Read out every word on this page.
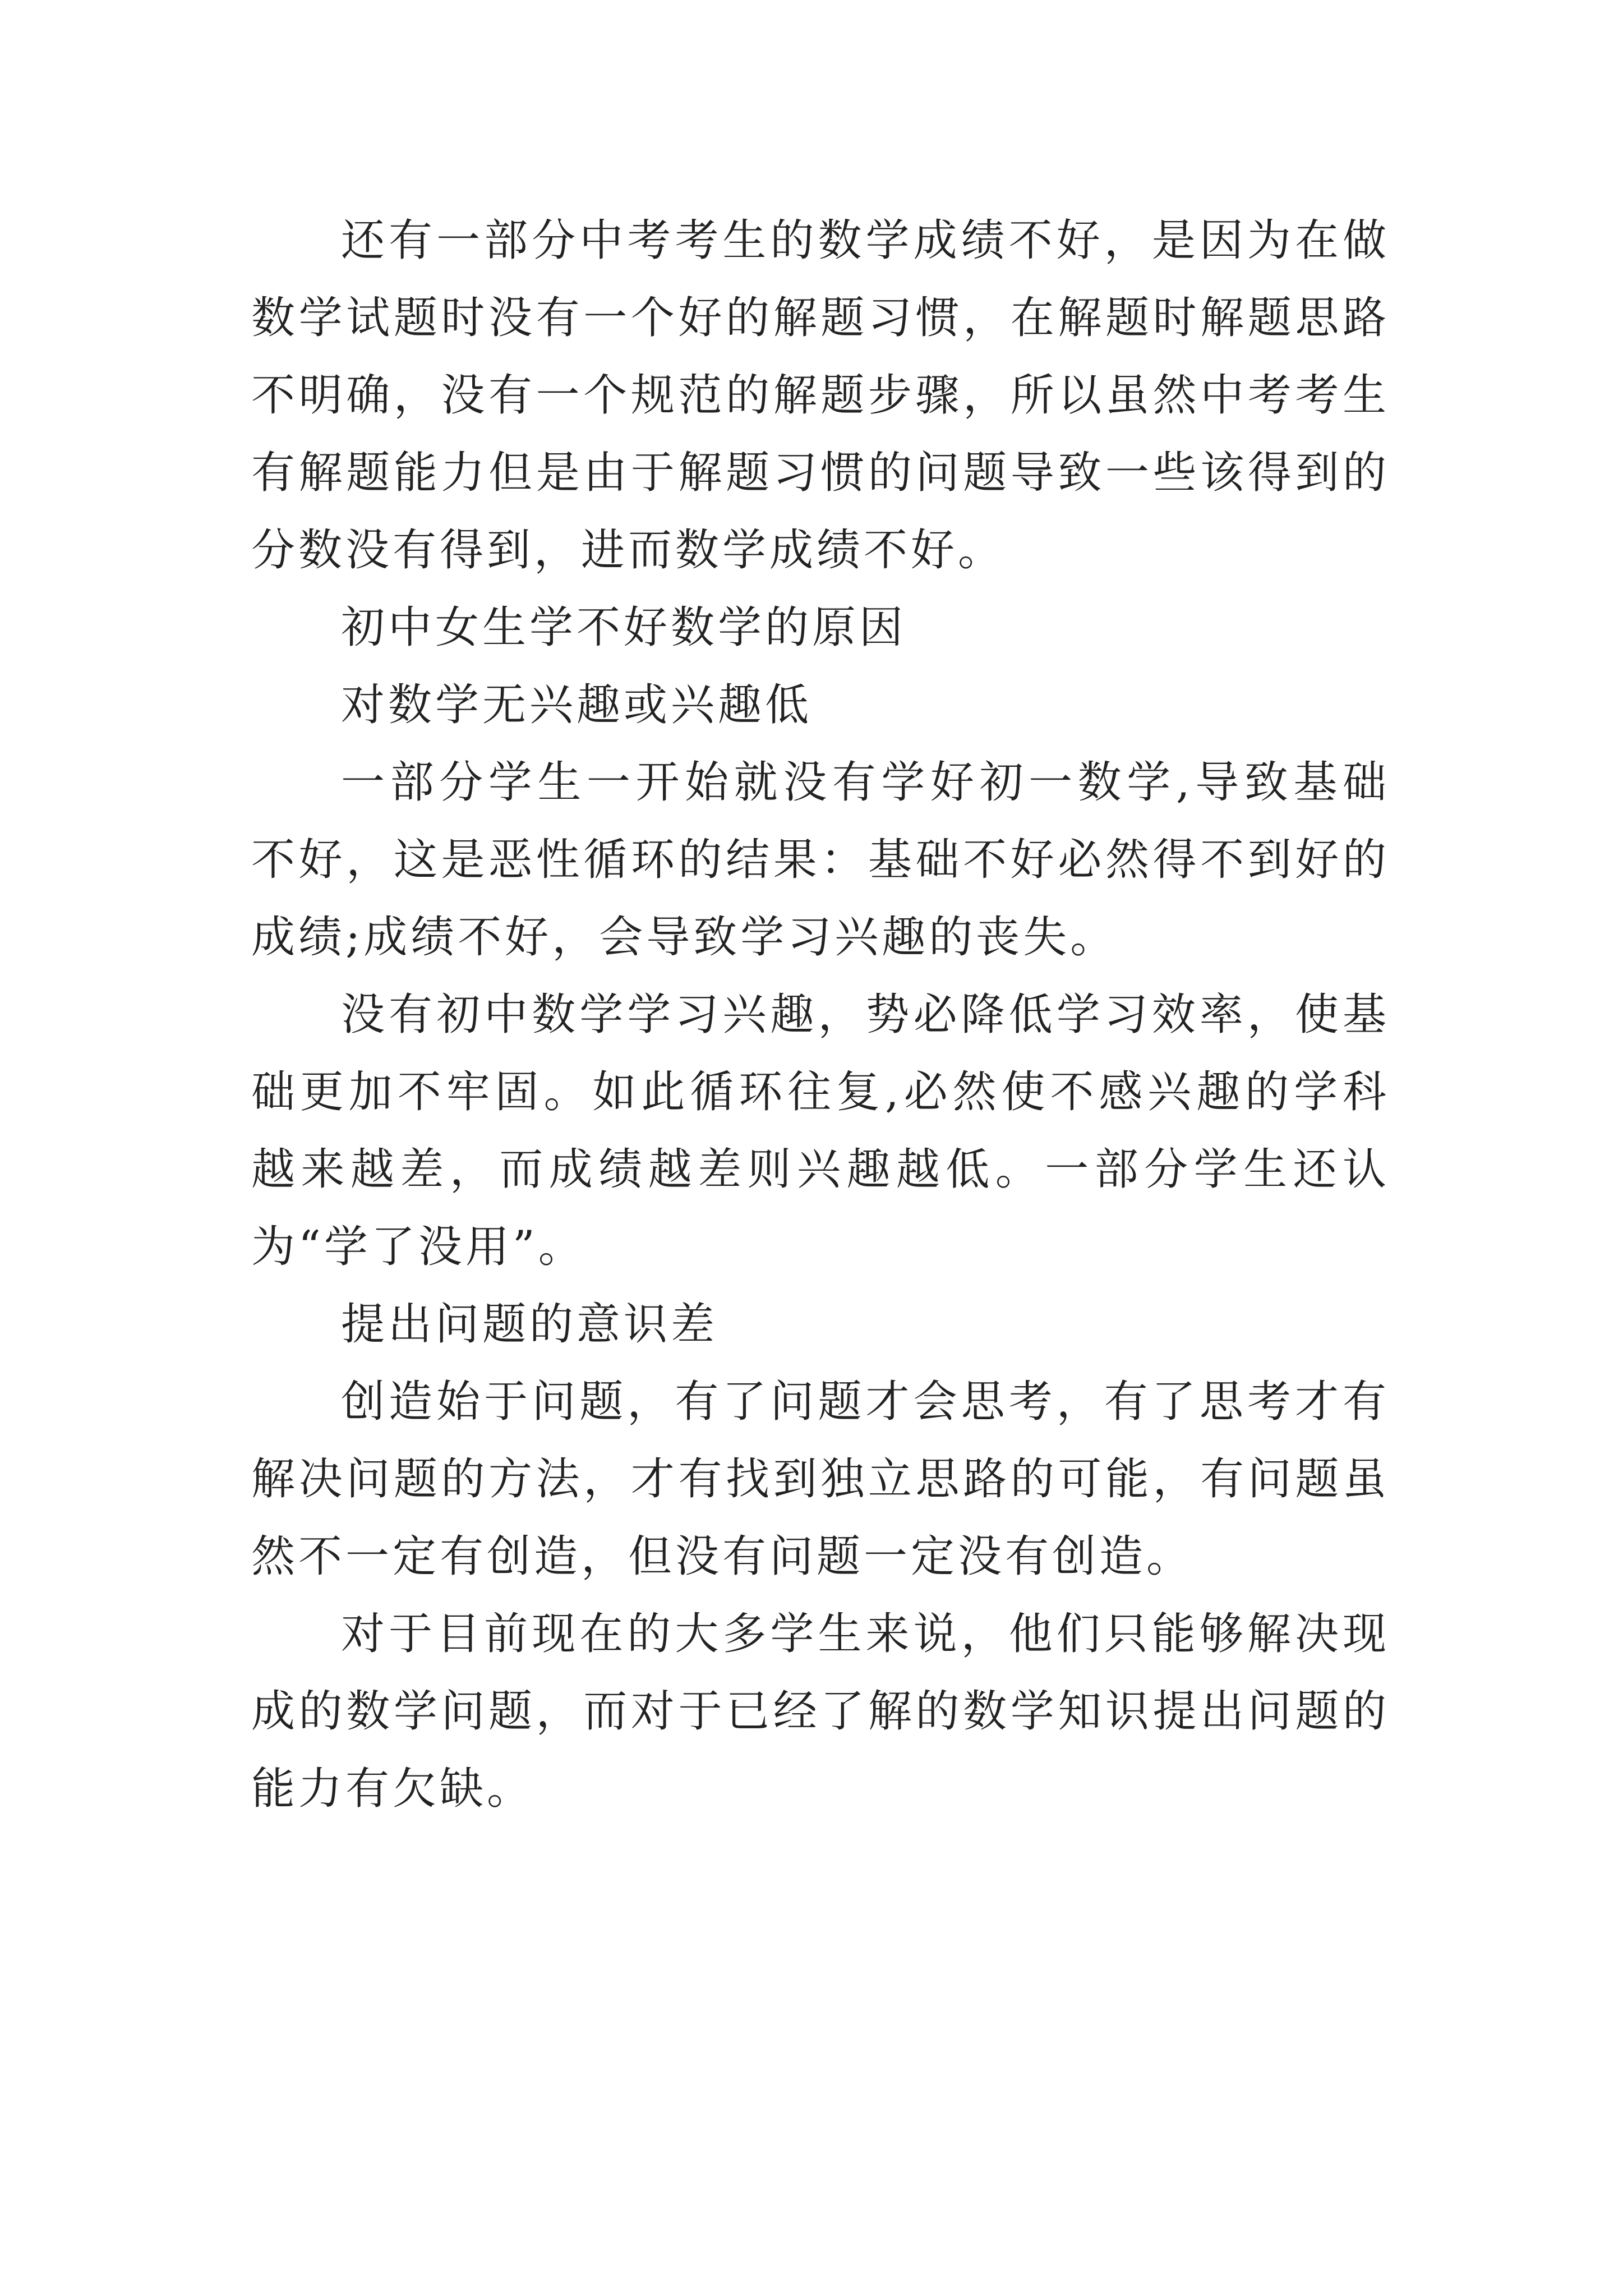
还有一部分中考考生的数学成绩不好，是因为在做数学试题时没有一个好的解题习惯，在解题时解题思路不明确，没有一个规范的解题步骤，所以虽然中考考生有解题能力但是由于解题习惯的问题导致一些该得到的分数没有得到，进而数学成绩不好。

初中女生学不好数学的原因

对数学无兴趣或兴趣低

一部分学生一开始就没有学好初一数学,导致基础不好，这是恶性循环的结果：基础不好必然得不到好的成绩;成绩不好，会导致学习兴趣的丧失。

没有初中数学学习兴趣，势必降低学习效率，使基础更加不牢固。如此循环往复,必然使不感兴趣的学科越来越差，而成绩越差则兴趣越低。一部分学生还认为“学了没用”。

提出问题的意识差

创造始于问题，有了问题才会思考，有了思考才有解决问题的方法，才有找到独立思路的可能，有问题虽然不一定有创造，但没有问题一定没有创造。

对于目前现在的大多学生来说，他们只能够解决现成的数学问题，而对于已经了解的数学知识提出问题的能力有欠缺。
